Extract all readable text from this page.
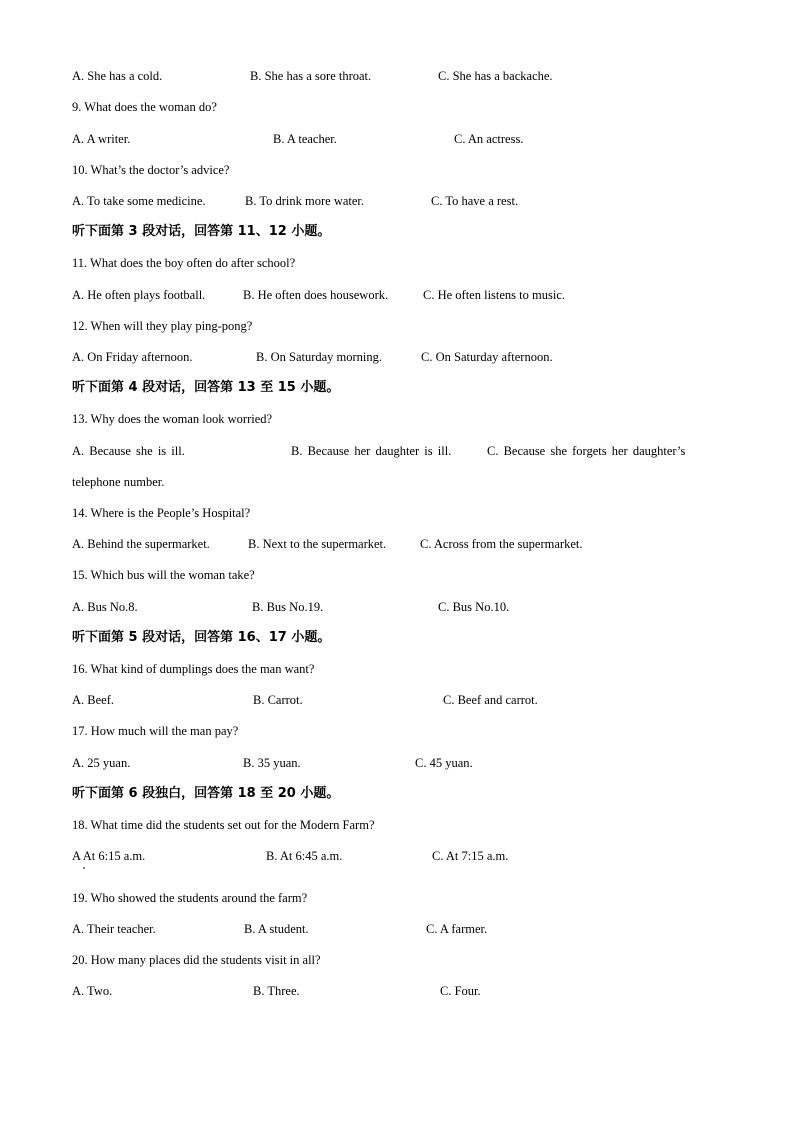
A. She has a cold.	B. She has a sore throat.	C. She has a backache.
9. What does the woman do?
A. A writer.	B. A teacher.	C. An actress.
10. What’s the doctor’s advice?
A. To take some medicine.	B. To drink more water.	C. To have a rest.
听下面第 3 段对话，回答第 11、12 小题。
11. What does the boy often do after school?
A. He often plays football.	B. He often does housework.	C. He often listens to music.
12. When will they play ping-pong?
A. On Friday afternoon.	B. On Saturday morning.	C. On Saturday afternoon.
听下面第 4 段对话，回答第 13 至 15 小题。
13. Why does the woman look worried?
A. Because she is ill.	B. Because her daughter is ill.	C. Because she forgets her daughter’s
telephone number.
14. Where is the People’s Hospital?
A. Behind the supermarket.	B. Next to the supermarket.	C. Across from the supermarket.
15. Which bus will the woman take?
A. Bus No.8.	B. Bus No.19.	C. Bus No.10.
听下面第 5 段对话，回答第 16、17 小题。
16. What kind of dumplings does the man want?
A. Beef.	B. Carrot.	C. Beef and carrot.
17. How much will the man pay?
A. 25 yuan.	B. 35 yuan.	C. 45 yuan.
听下面第 6 段独白，回答第 18 至 20 小题。
18. What time did the students set out for the Modern Farm?
A At 6:15 a.m.	B. At 6:45 a.m.	C. At 7:15 a.m.
19. Who showed the students around the farm?
A. Their teacher.	B. A student.	C. A farmer.
20. How many places did the students visit in all?
A. Two.	B. Three.	C. Four.
